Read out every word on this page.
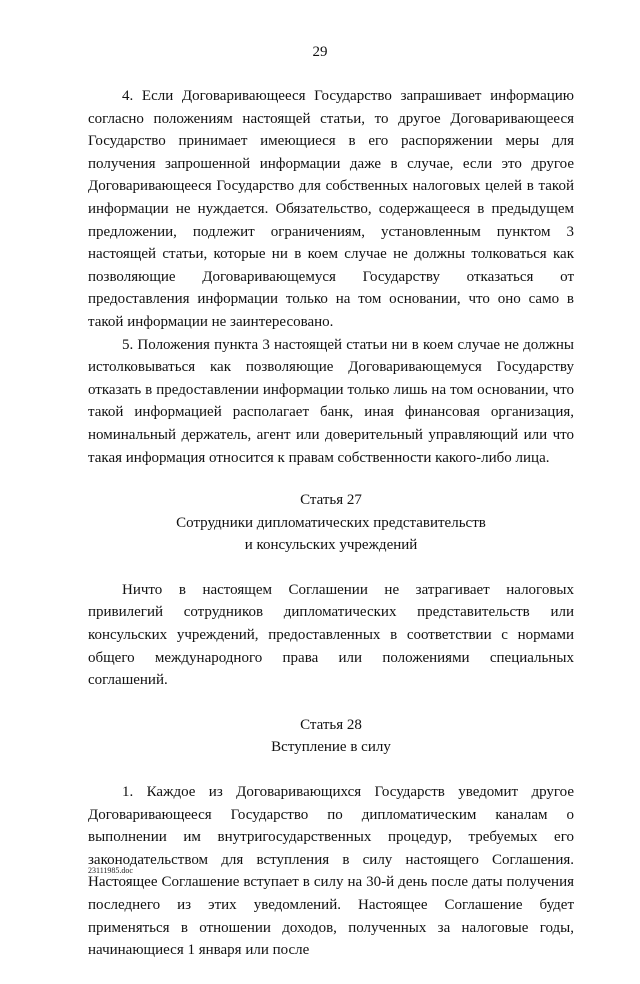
29

4. Если Договаривающееся Государство запрашивает информацию согласно положениям настоящей статьи, то другое Договаривающееся Государство принимает имеющиеся в его распоряжении меры для получения запрошенной информации даже в случае, если это другое Договаривающееся Государство для собственных налоговых целей в такой информации не нуждается. Обязательство, содержащееся в предыдущем предложении, подлежит ограничениям, установленным пунктом 3 настоящей статьи, которые ни в коем случае не должны толковаться как позволяющие Договаривающемуся Государству отказаться от предоставления информации только на том основании, что оно само в такой информации не заинтересовано.

5. Положения пункта 3 настоящей статьи ни в коем случае не должны истолковываться как позволяющие Договаривающемуся Государству отказать в предоставлении информации только лишь на том основании, что такой информацией располагает банк, иная финансовая организация, номинальный держатель, агент или доверительный управляющий или что такая информация относится к правам собственности какого-либо лица.

Статья 27

Сотрудники дипломатических представительств

и консульских учреждений

Ничто в настоящем Соглашении не затрагивает налоговых привилегий сотрудников дипломатических представительств или консульских учреждений, предоставленных в соответствии с нормами общего международного права или положениями специальных соглашений.

Статья 28

Вступление в силу

1. Каждое из Договаривающихся Государств уведомит другое Договаривающееся Государство по дипломатическим каналам о выполнении им внутригосударственных процедур, требуемых его законодательством для вступления в силу настоящего Соглашения. Настоящее Соглашение вступает в силу на 30-й день после даты получения последнего из этих уведомлений. Настоящее Соглашение будет применяться в отношении доходов, полученных за налоговые годы, начинающиеся 1 января или после

23111985.doc
